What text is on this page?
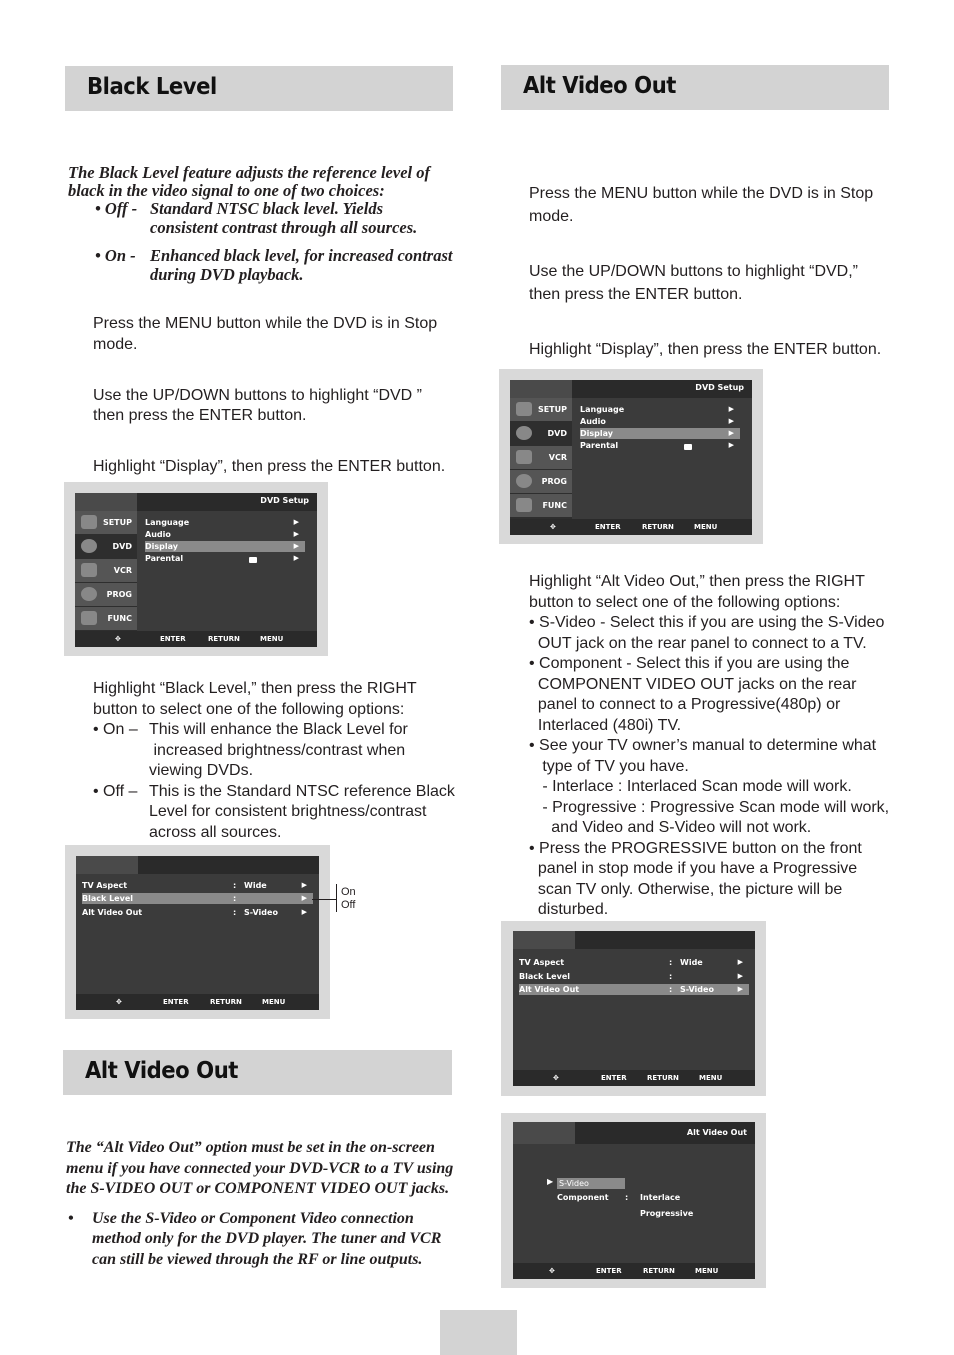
Black Level
The Black Level feature adjusts the reference level of
black in the video signal to one of two choices:
• Off - Standard NTSC black level. Yields
consistent contrast through all sources.
• On - Enhanced black level, for increased contrast
during DVD playback.
Press the MENU button while the DVD is in Stop
mode.
Use the UP/DOWN buttons to highlight “DVD ”
then press the ENTER button.
Highlight “Display”, then press the ENTER button.
DVD Setup
SETUP
DVD
VCR
PROG
FUNC
Language	▶
Audio	▶
Display	▶
Parental	▶
✥	ENTER	RETURN	MENU
Highlight “Black Level,” then press the RIGHT
button to select one of the following options:
• On – This will enhance the Black Level for
increased brightness/contrast when
viewing DVDs.
• Off – This is the Standard NTSC reference Black
Level for consistent brightness/contrast
across all sources.
TV Aspect	: Wide	▶
Black Level	:	▶
Alt Video Out	: S-Video	▶
✥	ENTER	RETURN	MENU
On
Off
Alt Video Out
The “Alt Video Out” option must be set in the on-screen
menu if you have connected your DVD-VCR to a TV using
the S-VIDEO OUT or COMPONENT VIDEO OUT jacks.
• Use the S-Video or Component Video connection
method only for the DVD player. The tuner and VCR
can still be viewed through the RF or line outputs.
Alt Video Out
Press the MENU button while the DVD is in Stop
mode.
Use the UP/DOWN buttons to highlight “DVD,”
then press the ENTER button.
Highlight “Display”, then press the ENTER button.
DVD Setup
SETUP
DVD
VCR
PROG
FUNC
Language	▶
Audio	▶
Display	▶
Parental	▶
✥	ENTER	RETURN	MENU
Highlight “Alt Video Out,” then press the RIGHT
button to select one of the following options:
• S-Video - Select this if you are using the S-Video
OUT jack on the rear panel to connect to a TV.
• Component - Select this if you are using the
COMPONENT VIDEO OUT jacks on the rear
panel to connect to a Progressive(480p) or
Interlaced (480i) TV.
• See your TV owner’s manual to determine what
type of TV you have.
- Interlace : Interlaced Scan mode will work.
- Progressive : Progressive Scan mode will work,
and Video and S-Video will not work.
• Press the PROGRESSIVE button on the front
panel in stop mode if you have a Progressive
scan TV only. Otherwise, the picture will be
disturbed.
TV Aspect	: Wide	▶
Black Level	:	▶
Alt Video Out	: S-Video	▶
✥	ENTER	RETURN	MENU
Alt Video Out
▶ S-Video
Component : Interlace
Progressive
✥	ENTER	RETURN	MENU
